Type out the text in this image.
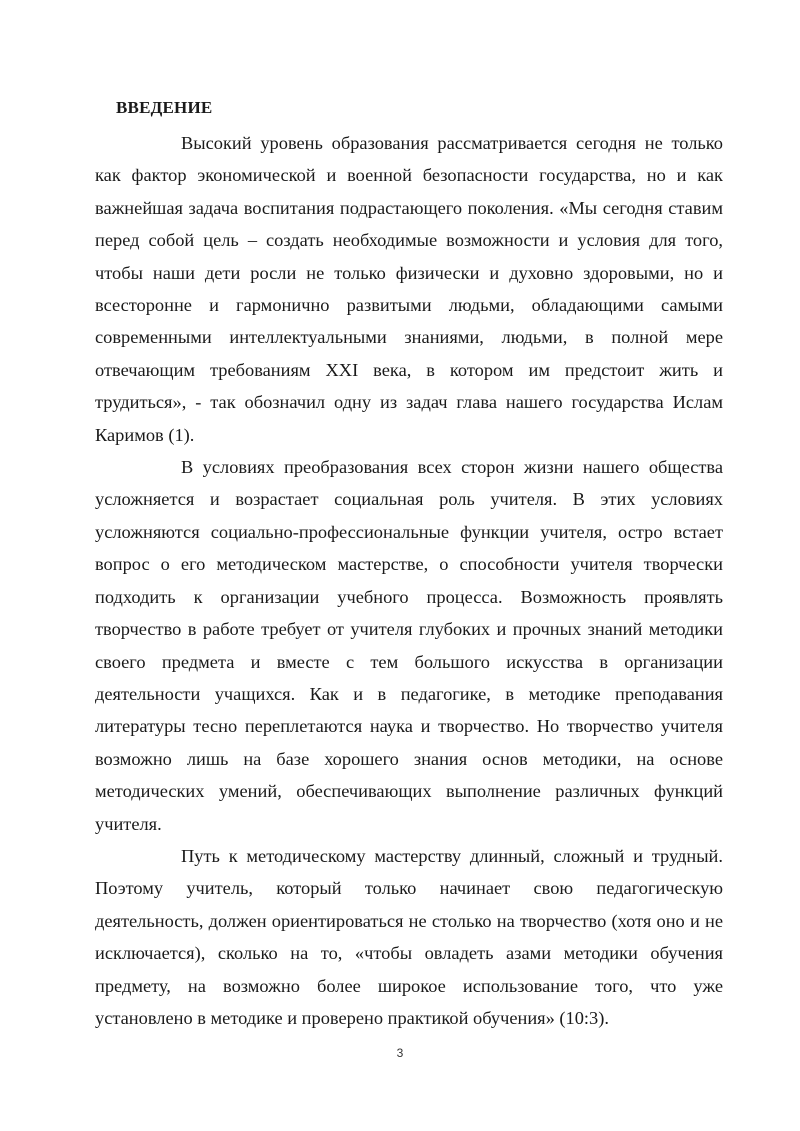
ВВЕДЕНИЕ

Высокий уровень образования рассматривается сегодня не только как фактор экономической и военной безопасности государства, но и как важнейшая задача воспитания подрастающего поколения. «Мы сегодня ставим перед собой цель – создать необходимые возможности и условия для того, чтобы наши дети росли не только физически и духовно здоровыми, но и всесторонне и гармонично развитыми людьми, обладающими самыми современными интеллектуальными знаниями, людьми, в полной мере отвечающим требованиям XXI века, в котором им предстоит жить и трудиться», - так обозначил одну из задач глава нашего государства Ислам Каримов (1).

В условиях преобразования всех сторон жизни нашего общества усложняется и возрастает социальная роль учителя. В этих условиях усложняются социально-профессиональные функции учителя, остро встает вопрос о его методическом мастерстве, о способности учителя творчески подходить к организации учебного процесса. Возможность проявлять творчество в работе требует от учителя глубоких и прочных знаний методики своего предмета и вместе с тем большого искусства в организации деятельности учащихся. Как и в педагогике, в методике преподавания литературы тесно переплетаются наука и творчество. Но творчество учителя возможно лишь на базе хорошего знания основ методики, на основе методических умений, обеспечивающих выполнение различных функций учителя.

Путь к методическому мастерству длинный, сложный и трудный. Поэтому учитель, который только начинает свою педагогическую деятельность, должен ориентироваться не столько на творчество (хотя оно и не исключается), сколько на то, «чтобы овладеть азами методики обучения предмету, на возможно более широкое использование того, что уже установлено в методике и проверено практикой обучения» (10:3).

3
